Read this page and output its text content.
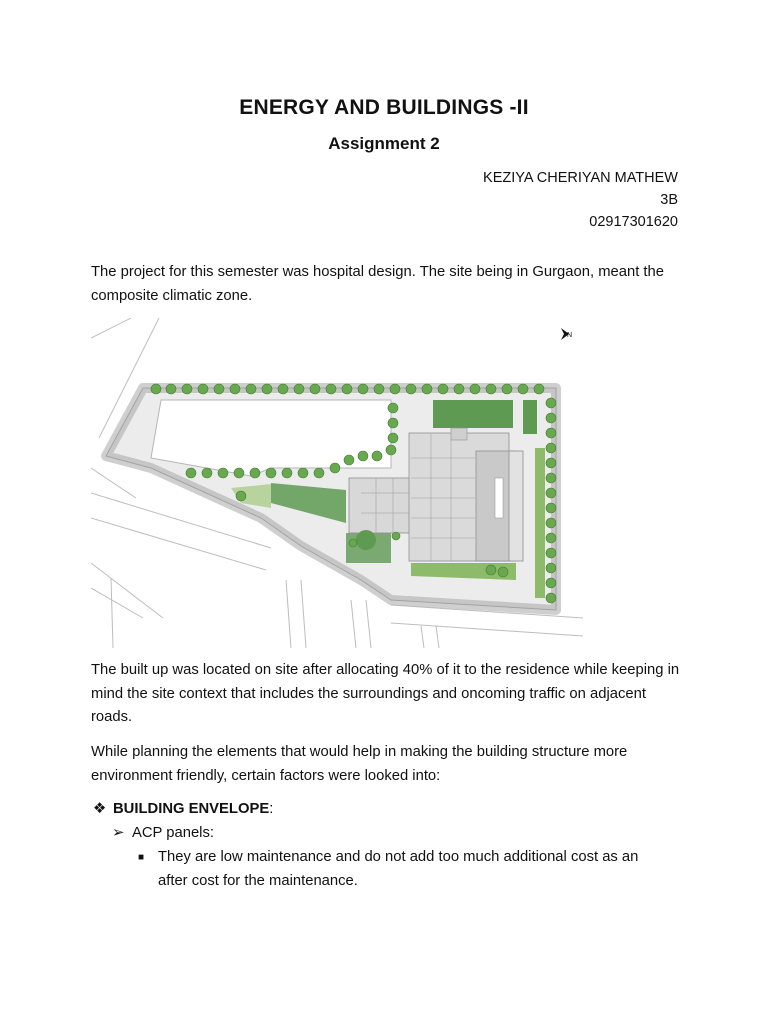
ENERGY AND BUILDINGS -II
Assignment 2
KEZIYA CHERIYAN MATHEW
3B
02917301620
The project for this semester was hospital design. The site being in Gurgaon, meant the composite climatic zone.
N
The built up was located on site after allocating 40% of it to the residence while keeping in mind the site context that includes the surroundings and oncoming traffic on adjacent roads.
While planning the elements that would help in making the building structure more environment friendly, certain factors were looked into:
❖ BUILDING ENVELOPE:
➢ ACP panels:
■ They are low maintenance and do not add too much additional cost as an after cost for the maintenance.
